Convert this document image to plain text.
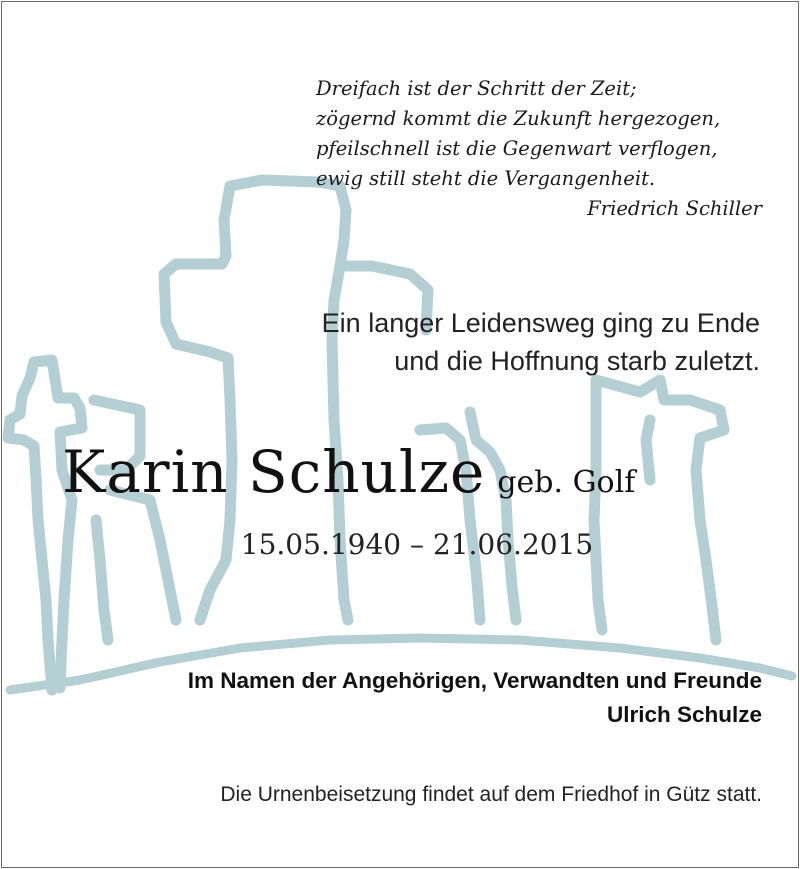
Dreifach ist der Schritt der Zeit;
zögernd kommt die Zukunft hergezogen,
pfeilschnell ist die Gegenwart verflogen,
ewig still steht die Vergangenheit.
Friedrich Schiller
Ein langer Leidensweg ging zu Ende
und die Hoffnung starb zuletzt.
Karin Schulze geb. Golf
15.05.1940 – 21.06.2015
Im Namen der Angehörigen, Verwandten und Freunde
Ulrich Schulze
Die Urnenbeisetzung findet auf dem Friedhof in Gütz statt.
